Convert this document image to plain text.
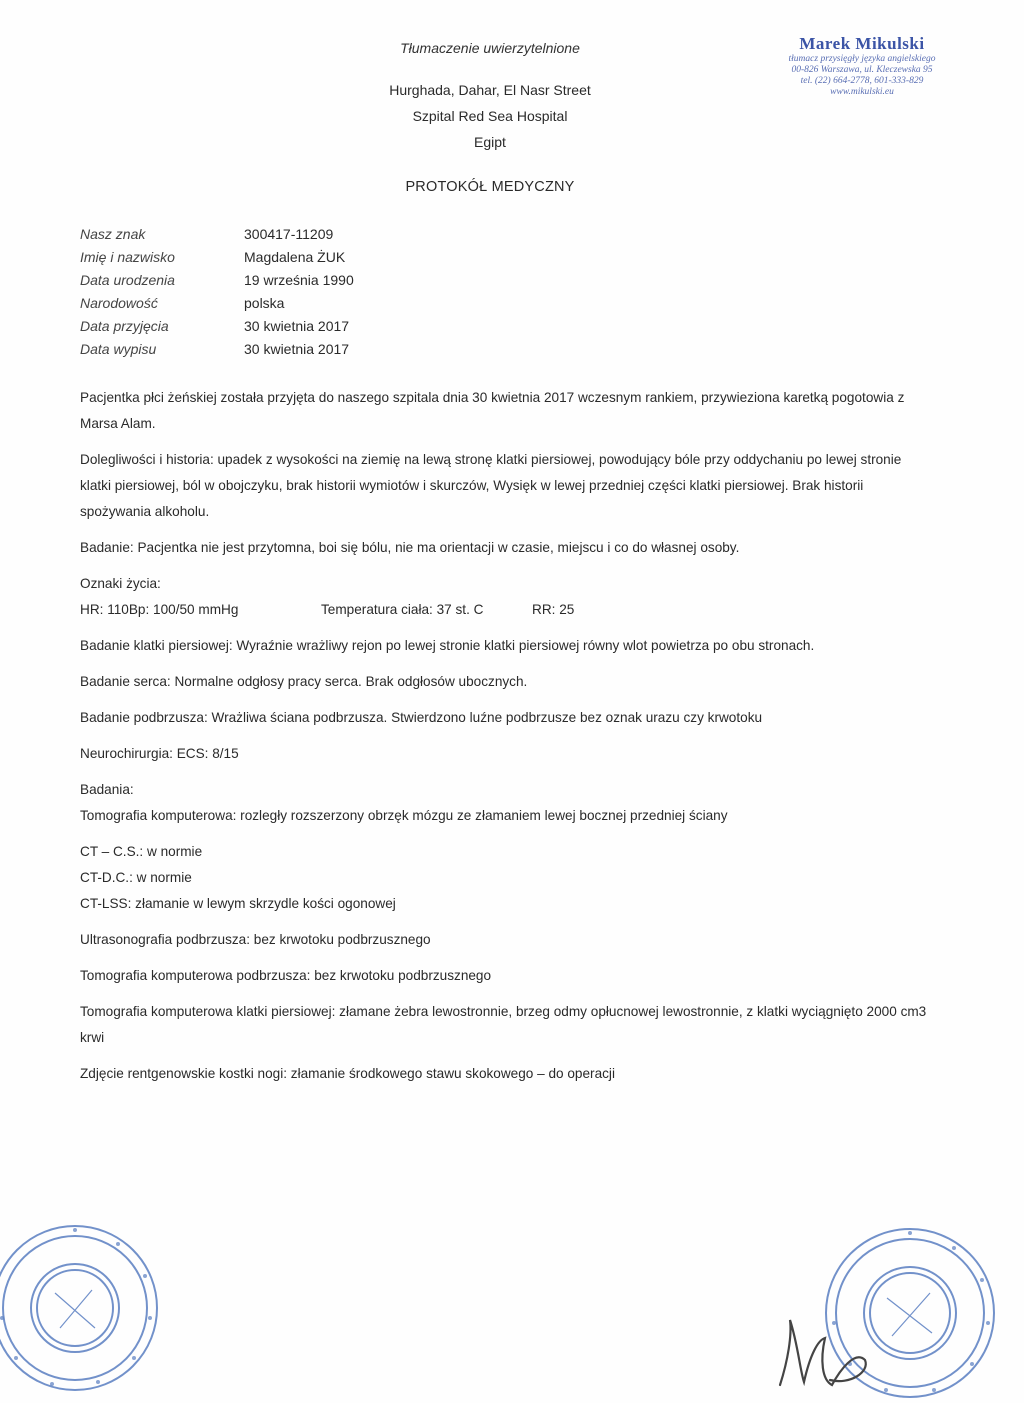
Tłumaczenie uwierzytelnione
Hurghada, Dahar, El Nasr Street
Szpital Red Sea Hospital
Egipt
Marek Mikulski
tłumacz przysięgły języka angielskiego
00-826 Warszawa, ul. Kleczewska 95
tel. (22) 664-2778, 601-333-829
www.mikulski.eu
PROTOKÓŁ MEDYCZNY
Nasz znak	300417-11209
Imię i nazwisko	Magdalena ŻUK
Data urodzenia	19 września 1990
Narodowość	polska
Data przyjęcia	30 kwietnia 2017
Data wypisu	30 kwietnia 2017

Pacjentka płci żeńskiej została przyjęta do naszego szpitala dnia 30 kwietnia 2017 wczesnym rankiem, przywieziona karetką pogotowia z Marsa Alam.

Dolegliwości i historia: upadek z wysokości na ziemię na lewą stronę klatki piersiowej, powodujący bóle przy oddychaniu po lewej stronie klatki piersiowej, ból w obojczyku, brak historii wymiotów i skurczów, Wysięk w lewej przedniej części klatki piersiowej. Brak historii spożywania alkoholu.

Badanie: Pacjentka nie jest przytomna, boi się bólu, nie ma orientacji w czasie, miejscu i co do własnej osoby.

Oznaki życia:

HR: 110Bp: 100/50 mmHg	Temperatura ciała: 37 st. C	RR: 25

Badanie klatki piersiowej: Wyraźnie wrażliwy rejon po lewej stronie klatki piersiowej równy wlot powietrza po obu stronach.

Badanie serca: Normalne odgłosy pracy serca. Brak odgłosów ubocznych.

Badanie podbrzusza: Wrażliwa ściana podbrzusza. Stwierdzono luźne podbrzusze bez oznak urazu czy krwotoku

Neurochirurgia: ECS: 8/15

Badania:

Tomografia komputerowa: rozległy rozszerzony obrzęk mózgu ze złamaniem lewej bocznej przedniej ściany

CT – C.S.: w normie

CT-D.C.: w normie

CT-LSS: złamanie w lewym skrzydle kości ogonowej

Ultrasonografia podbrzusza: bez krwotoku podbrzusznego

Tomografia komputerowa podbrzusza: bez krwotoku podbrzusznego

Tomografia komputerowa klatki piersiowej: złamane żebra lewostronnie, brzeg odmy opłucnowej lewostronnie, z klatki wyciągnięto 2000 cm3 krwi

Zdjęcie rentgenowskie kostki nogi: złamanie środkowego stawu skokowego – do operacji
